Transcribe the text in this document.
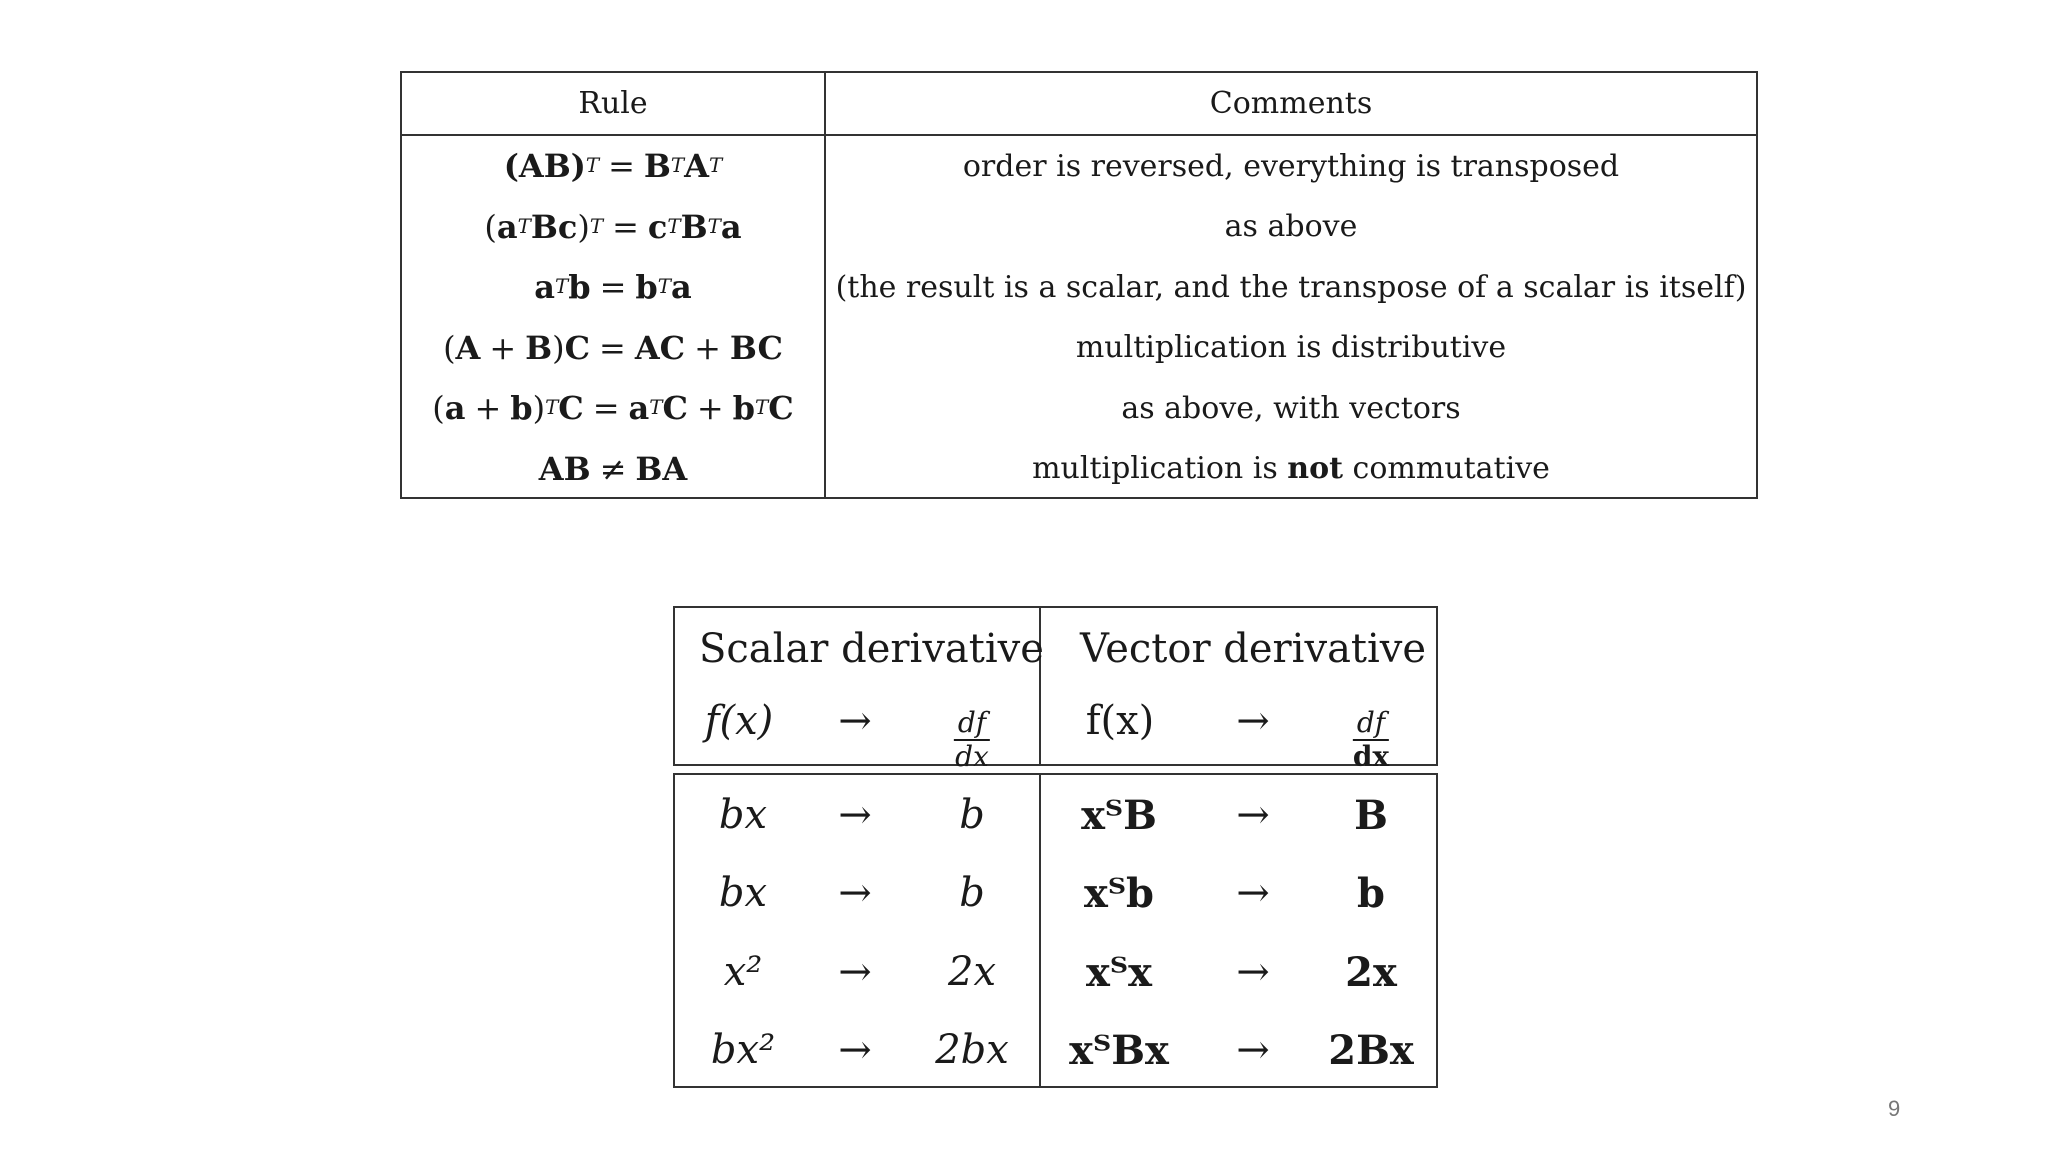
Rule
(AB) T = B T A T
( a T Bc ) T = c T B T a
a T b = b T a
( A + B ) C = AC + BC
( a + b ) T C = a T C + b T C
AB ≠ BA
Comments
order is reversed, everything is transposed
as above
(the result is a scalar, and the transpose of a scalar is itself)
multiplication is distributive
as above, with vectors
multiplication is
not
commutative
Scalar derivative Vector derivative
f(x) →	$\frac{df}{dx} f(x)$ →	$\frac{df}{dx}$
bx → b xᵀB → B
bx → b xᵀb → b
x² → 2x xᵀx → 2x
bx² → 2bx xᵀBx → 2Bx
9
